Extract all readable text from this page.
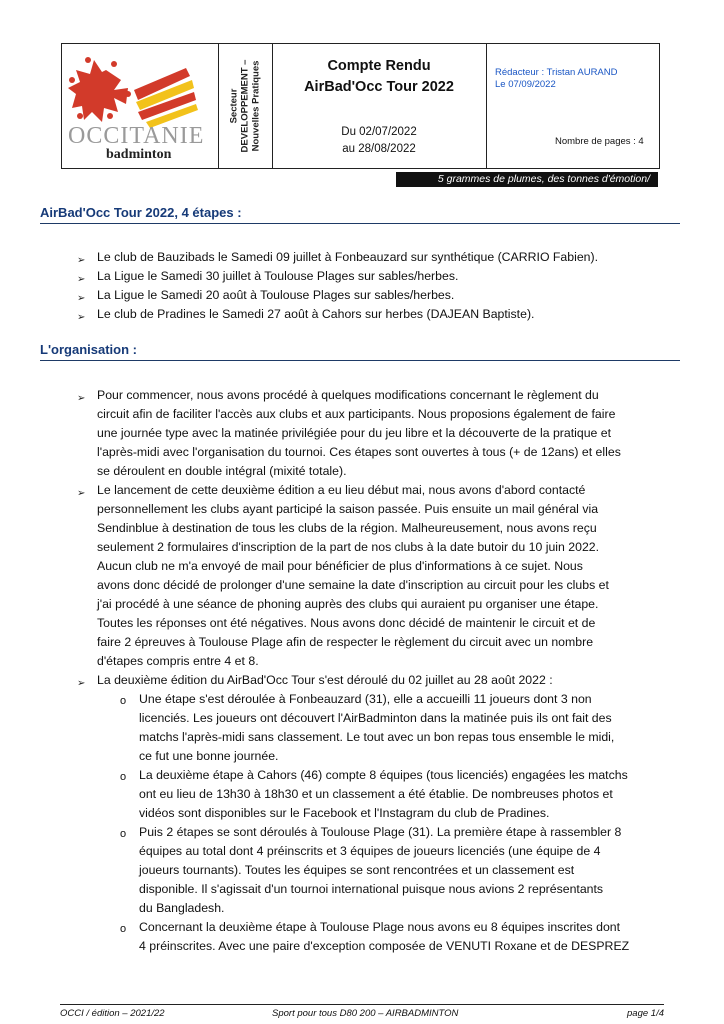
OCCITANIE
badminton
Secteur DEVELOPPEMENT – Nouvelles Pratiques	Compte Rendu
AirBad'Occ Tour 2022
Du 02/07/2022
au 28/08/2022
Rédacteur : Tristan AURAND
Le 07/09/2022
Nombre de pages : 4
5 grammes de plumes, des tonnes d'émotion/
AirBad'Occ Tour 2022, 4 étapes :
➢ Le club de Bauzibads le Samedi 09 juillet à Fonbeauzard sur synthétique (CARRIO Fabien).
➢ La Ligue le Samedi 30 juillet à Toulouse Plages sur sables/herbes.
➢ La Ligue le Samedi 20 août à Toulouse Plages sur sables/herbes.
➢ Le club de Pradines le Samedi 27 août à Cahors sur herbes (DAJEAN Baptiste).
L'organisation :
➢ Pour commencer, nous avons procédé à quelques modifications concernant le règlement du
circuit afin de faciliter l'accès aux clubs et aux participants. Nous proposions également de faire
une journée type avec la matinée privilégiée pour du jeu libre et la découverte de la pratique et
l'après-midi avec l'organisation du tournoi. Ces étapes sont ouvertes à tous (+ de 12ans) et elles
se déroulent en double intégral (mixité totale).
➢ Le lancement de cette deuxième édition a eu lieu début mai, nous avons d'abord contacté
personnellement les clubs ayant participé la saison passée. Puis ensuite un mail général via
Sendinblue à destination de tous les clubs de la région. Malheureusement, nous avons reçu
seulement 2 formulaires d'inscription de la part de nos clubs à la date butoir du 10 juin 2022.
Aucun club ne m'a envoyé de mail pour bénéficier de plus d'informations à ce sujet. Nous
avons donc décidé de prolonger d'une semaine la date d'inscription au circuit pour les clubs et
j'ai procédé à une séance de phoning auprès des clubs qui auraient pu organiser une étape.
Toutes les réponses ont été négatives. Nous avons donc décidé de maintenir le circuit et de
faire 2 épreuves à Toulouse Plage afin de respecter le règlement du circuit avec un nombre
d'étapes compris entre 4 et 8.
➢ La deuxième édition du AirBad'Occ Tour s'est déroulé du 02 juillet au 28 août 2022 :
o Une étape s'est déroulée à Fonbeauzard (31), elle a accueilli 11 joueurs dont 3 non
licenciés. Les joueurs ont découvert l'AirBadminton dans la matinée puis ils ont fait des
matchs l'après-midi sans classement. Le tout avec un bon repas tous ensemble le midi,
ce fut une bonne journée.
o La deuxième étape à Cahors (46) compte 8 équipes (tous licenciés) engagées les matchs
ont eu lieu de 13h30 à 18h30 et un classement a été établie. De nombreuses photos et
vidéos sont disponibles sur le Facebook et l'Instagram du club de Pradines.
o Puis 2 étapes se sont déroulés à Toulouse Plage (31). La première étape à rassembler 8
équipes au total dont 4 préinscrits et 3 équipes de joueurs licenciés (une équipe de 4
joueurs tournants). Toutes les équipes se sont rencontrées et un classement est
disponible. Il s'agissait d'un tournoi international puisque nous avions 2 représentants
du Bangladesh.
o Concernant la deuxième étape à Toulouse Plage nous avons eu 8 équipes inscrites dont
4 préinscrites. Avec une paire d'exception composée de VENUTI Roxane et de DESPREZ
OCCI / édition – 2021/22	Sport pour tous D80 200 – AIRBADMINTON	page 1/4
